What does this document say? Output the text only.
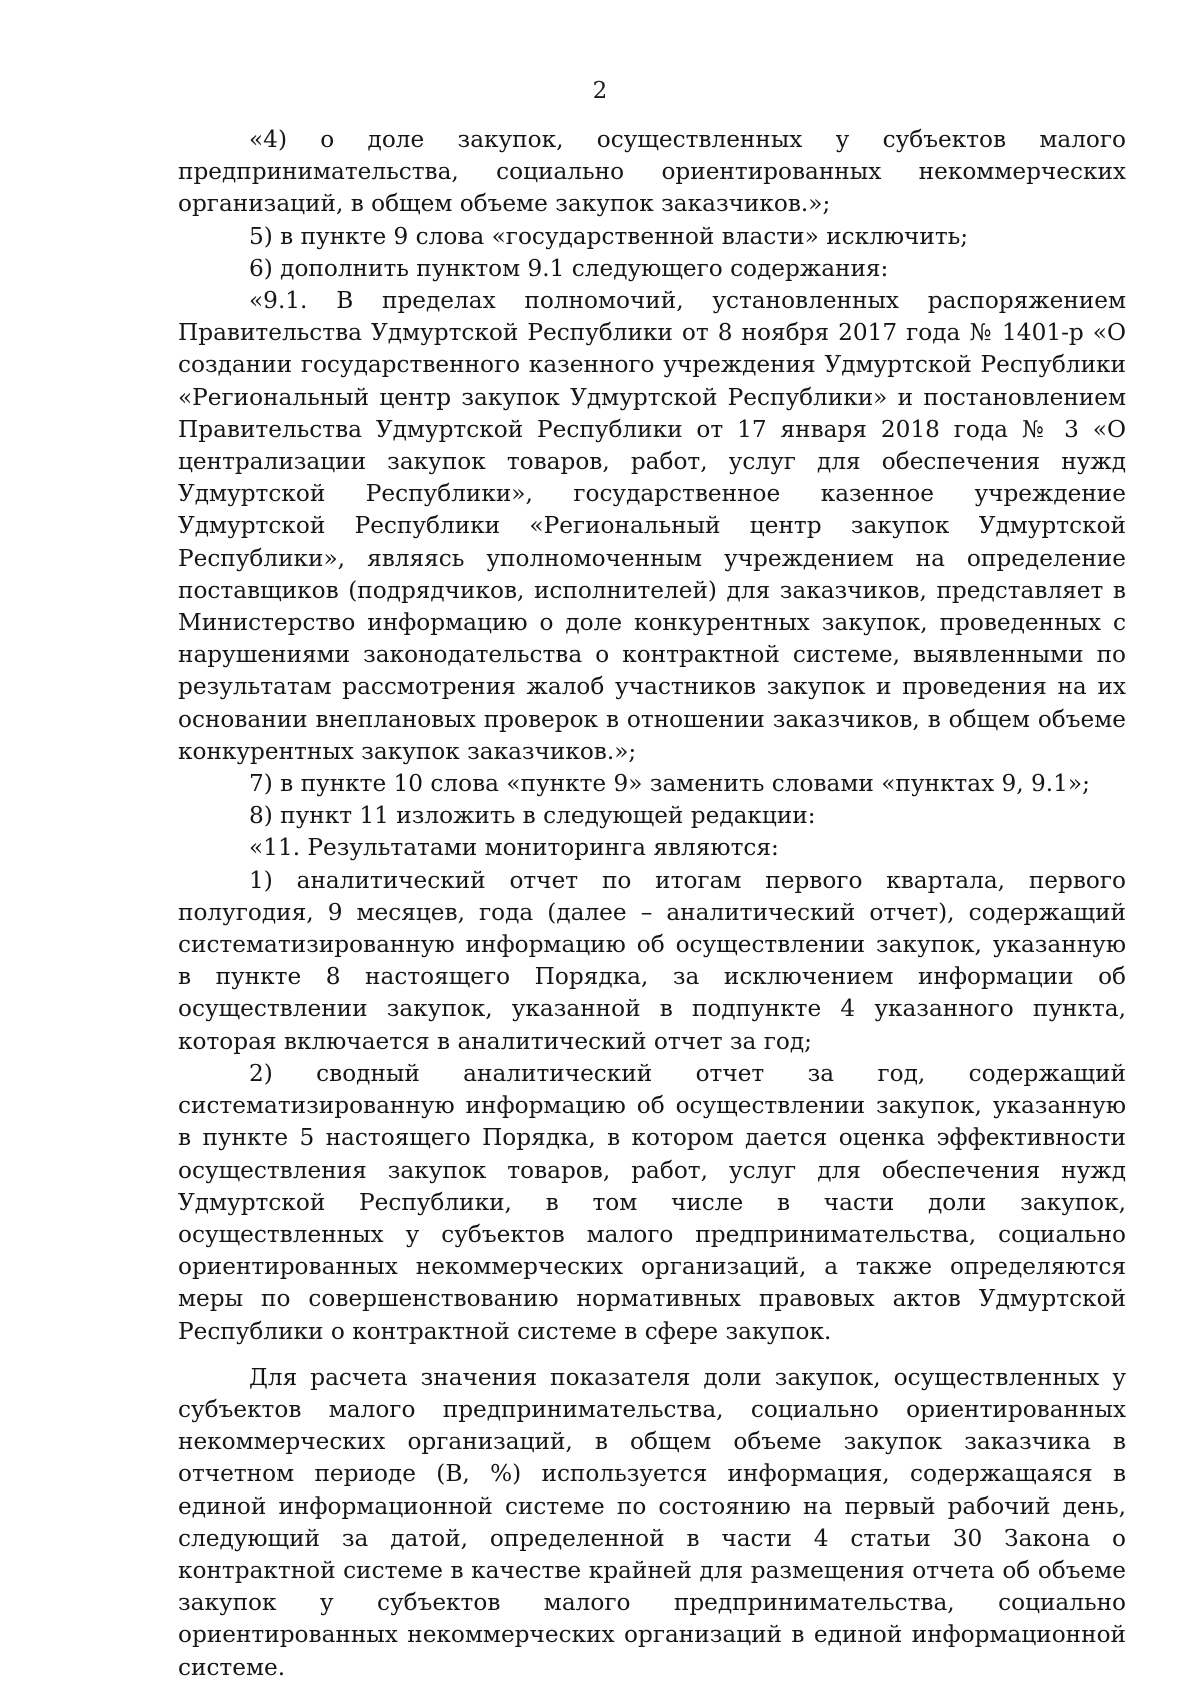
2

«4) о доле закупок, осуществленных у субъектов малого предпринимательства, социально ориентированных некоммерческих организаций, в общем объеме закупок заказчиков.»;

5) в пункте 9 слова «государственной власти» исключить;

6) дополнить пунктом 9.1 следующего содержания:

«9.1. В пределах полномочий, установленных распоряжением Правительства Удмуртской Республики от 8 ноября 2017 года № 1401-р «О создании государственного казенного учреждения Удмуртской Республики «Региональный центр закупок Удмуртской Республики» и постановлением Правительства Удмуртской Республики от 17 января 2018 года № 3 «О централизации закупок товаров, работ, услуг для обеспечения нужд Удмуртской Республики», государственное казенное учреждение Удмуртской Республики «Региональный центр закупок Удмуртской Республики», являясь уполномоченным учреждением на определение поставщиков (подрядчиков, исполнителей) для заказчиков, представляет в Министерство информацию о доле конкурентных закупок, проведенных с нарушениями законодательства о контрактной системе, выявленными по результатам рассмотрения жалоб участников закупок и проведения на их основании внеплановых проверок в отношении заказчиков, в общем объеме конкурентных закупок заказчиков.»;

7) в пункте 10 слова «пункте 9» заменить словами «пунктах 9, 9.1»;

8) пункт 11 изложить в следующей редакции:

«11. Результатами мониторинга являются:

1) аналитический отчет по итогам первого квартала, первого полугодия, 9 месяцев, года (далее – аналитический отчет), содержащий систематизированную информацию об осуществлении закупок, указанную в пункте 8 настоящего Порядка, за исключением информации об осуществлении закупок, указанной в подпункте 4 указанного пункта, которая включается в аналитический отчет за год;

2) сводный аналитический отчет за год, содержащий систематизированную информацию об осуществлении закупок, указанную в пункте 5 настоящего Порядка, в котором дается оценка эффективности осуществления закупок товаров, работ, услуг для обеспечения нужд Удмуртской Республики, в том числе в части доли закупок, осуществленных у субъектов малого предпринимательства, социально ориентированных некоммерческих организаций, а также определяются меры по совершенствованию нормативных правовых актов Удмуртской Республики о контрактной системе в сфере закупок.

Для расчета значения показателя доли закупок, осуществленных у субъектов малого предпринимательства, социально ориентированных некоммерческих организаций, в общем объеме закупок заказчика в отчетном периоде (В, %) используется информация, содержащаяся в единой информационной системе по состоянию на первый рабочий день, следующий за датой, определенной в части 4 статьи 30 Закона о контрактной системе в качестве крайней для размещения отчета об объеме закупок у субъектов малого предпринимательства, социально ориентированных некоммерческих организаций в единой информационной системе.
